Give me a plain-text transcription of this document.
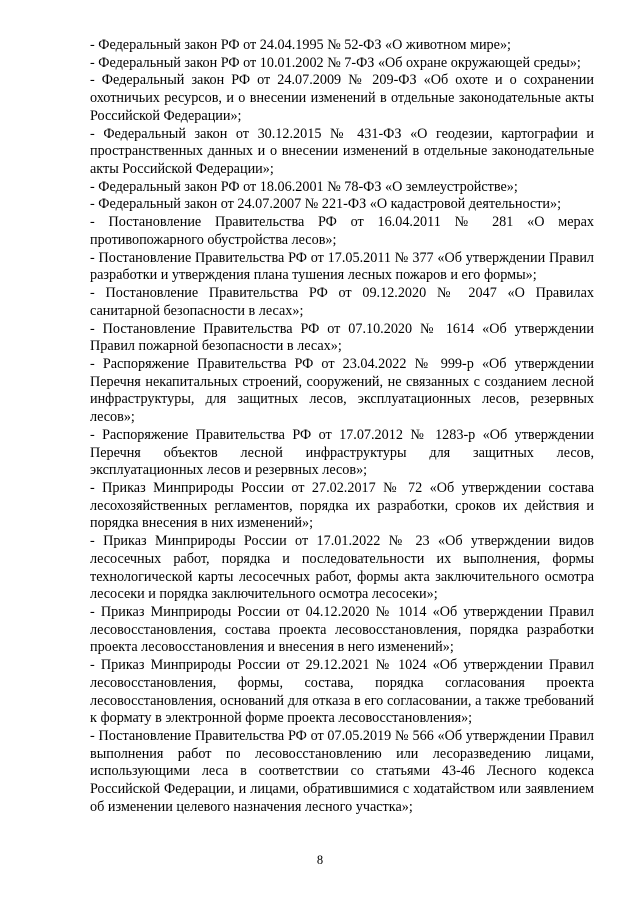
- Федеральный закон РФ от 24.04.1995 № 52-ФЗ «О животном мире»;

- Федеральный закон РФ от 10.01.2002 № 7-ФЗ «Об охране окружающей среды»;

- Федеральный закон РФ от 24.07.2009 № 209-ФЗ «Об охоте и о сохранении охотничьих ресурсов, и о внесении изменений в отдельные законодательные акты Российской Федерации»;

- Федеральный закон от 30.12.2015 № 431-ФЗ «О геодезии, картографии и пространственных данных и о внесении изменений в отдельные законодательные акты Российской Федерации»;

- Федеральный закон РФ от 18.06.2001 № 78-ФЗ «О землеустройстве»;

- Федеральный закон от 24.07.2007 № 221-ФЗ «О кадастровой деятельности»;

- Постановление Правительства РФ от 16.04.2011 № 281 «О мерах противопожарного обустройства лесов»;

- Постановление Правительства РФ от 17.05.2011 № 377 «Об утверждении Правил разработки и утверждения плана тушения лесных пожаров и его формы»;

- Постановление Правительства РФ от 09.12.2020 № 2047 «О Правилах санитарной безопасности в лесах»;

- Постановление Правительства РФ от 07.10.2020 № 1614 «Об утверждении Правил пожарной безопасности в лесах»;

- Распоряжение Правительства РФ от 23.04.2022 № 999-р «Об утверждении Перечня некапитальных строений, сооружений, не связанных с созданием лесной инфраструктуры, для защитных лесов, эксплуатационных лесов, резервных лесов»;

- Распоряжение Правительства РФ от 17.07.2012 № 1283-р «Об утверждении Перечня объектов лесной инфраструктуры для защитных лесов, эксплуатационных лесов и резервных лесов»;

- Приказ Минприроды России от 27.02.2017 № 72 «Об утверждении состава лесохозяйственных регламентов, порядка их разработки, сроков их действия и порядка внесения в них изменений»;

- Приказ Минприроды России от 17.01.2022 № 23 «Об утверждении видов лесосечных работ, порядка и последовательности их выполнения, формы технологической карты лесосечных работ, формы акта заключительного осмотра лесосеки и порядка заключительного осмотра лесосеки»;

- Приказ Минприроды России от 04.12.2020 № 1014 «Об утверждении Правил лесовосстановления, состава проекта лесовосстановления, порядка разработки проекта лесовосстановления и внесения в него изменений»;

- Приказ Минприроды России от 29.12.2021 № 1024 «Об утверждении Правил лесовосстановления, формы, состава, порядка согласования проекта лесовосстановления, оснований для отказа в его согласовании, а также требований к формату в электронной форме проекта лесовосстановления»;

- Постановление Правительства РФ от 07.05.2019 № 566 «Об утверждении Правил выполнения работ по лесовосстановлению или лесоразведению лицами, использующими леса в соответствии со статьями 43-46 Лесного кодекса Российской Федерации, и лицами, обратившимися с ходатайством или заявлением об изменении целевого назначения лесного участка»;

8
